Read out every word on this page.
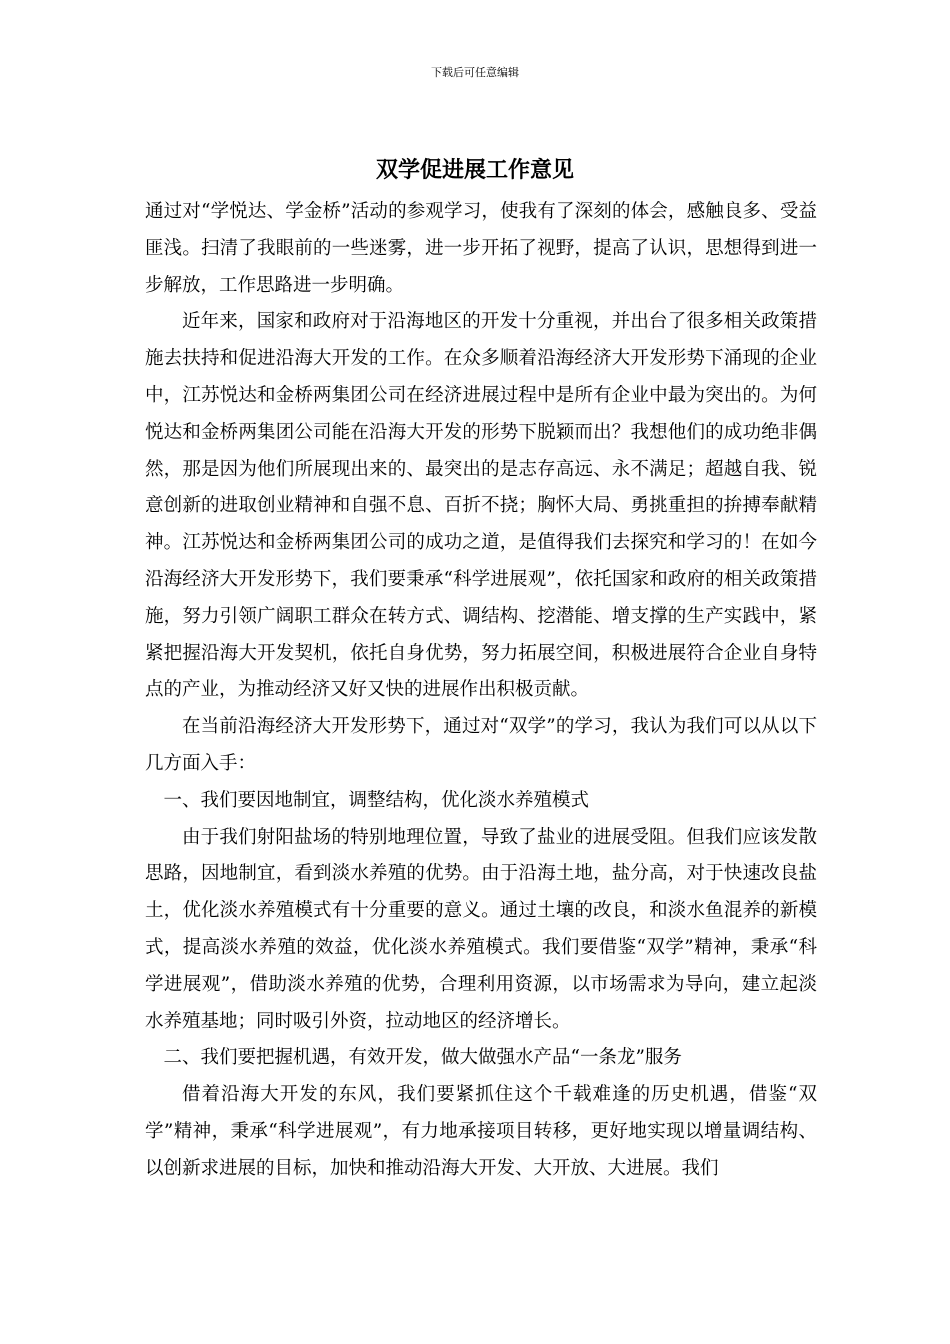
下载后可任意编辑
双学促进展工作意见

通过对“学悦达、学金桥”活动的参观学习，使我有了深刻的体会，感触良多、受益匪浅。扫清了我眼前的一些迷雾，进一步开拓了视野，提高了认识，思想得到进一步解放，工作思路进一步明确。

近年来，国家和政府对于沿海地区的开发十分重视，并出台了很多相关政策措施去扶持和促进沿海大开发的工作。在众多顺着沿海经济大开发形势下涌现的企业中，江苏悦达和金桥两集团公司在经济进展过程中是所有企业中最为突出的。为何悦达和金桥两集团公司能在沿海大开发的形势下脱颖而出？我想他们的成功绝非偶然，那是因为他们所展现出来的、最突出的是志存高远、永不满足；超越自我、锐意创新的进取创业精神和自强不息、百折不挠；胸怀大局、勇挑重担的拚搏奉献精神。江苏悦达和金桥两集团公司的成功之道，是值得我们去探究和学习的！在如今沿海经济大开发形势下，我们要秉承“科学进展观”，依托国家和政府的相关政策措施，努力引领广阔职工群众在转方式、调结构、挖潜能、增支撑的生产实践中，紧紧把握沿海大开发契机，依托自身优势，努力拓展空间，积极进展符合企业自身特点的产业，为推动经济又好又快的进展作出积极贡献。

在当前沿海经济大开发形势下，通过对“双学”的学习，我认为我们可以从以下几方面入手：

一、我们要因地制宜，调整结构，优化淡水养殖模式

由于我们射阳盐场的特别地理位置，导致了盐业的进展受阻。但我们应该发散思路，因地制宜，看到淡水养殖的优势。由于沿海土地，盐分高，对于快速改良盐土，优化淡水养殖模式有十分重要的意义。通过土壤的改良，和淡水鱼混养的新模式，提高淡水养殖的效益，优化淡水养殖模式。我们要借鉴“双学”精神，秉承“科学进展观”，借助淡水养殖的优势，合理利用资源，以市场需求为导向，建立起淡水养殖基地；同时吸引外资，拉动地区的经济增长。

二、我们要把握机遇，有效开发，做大做强水产品“一条龙”服务

借着沿海大开发的东风，我们要紧抓住这个千载难逢的历史机遇，借鉴“双学”精神，秉承“科学进展观”，有力地承接项目转移，更好地实现以增量调结构、以创新求进展的目标，加快和推动沿海大开发、大开放、大进展。我们
